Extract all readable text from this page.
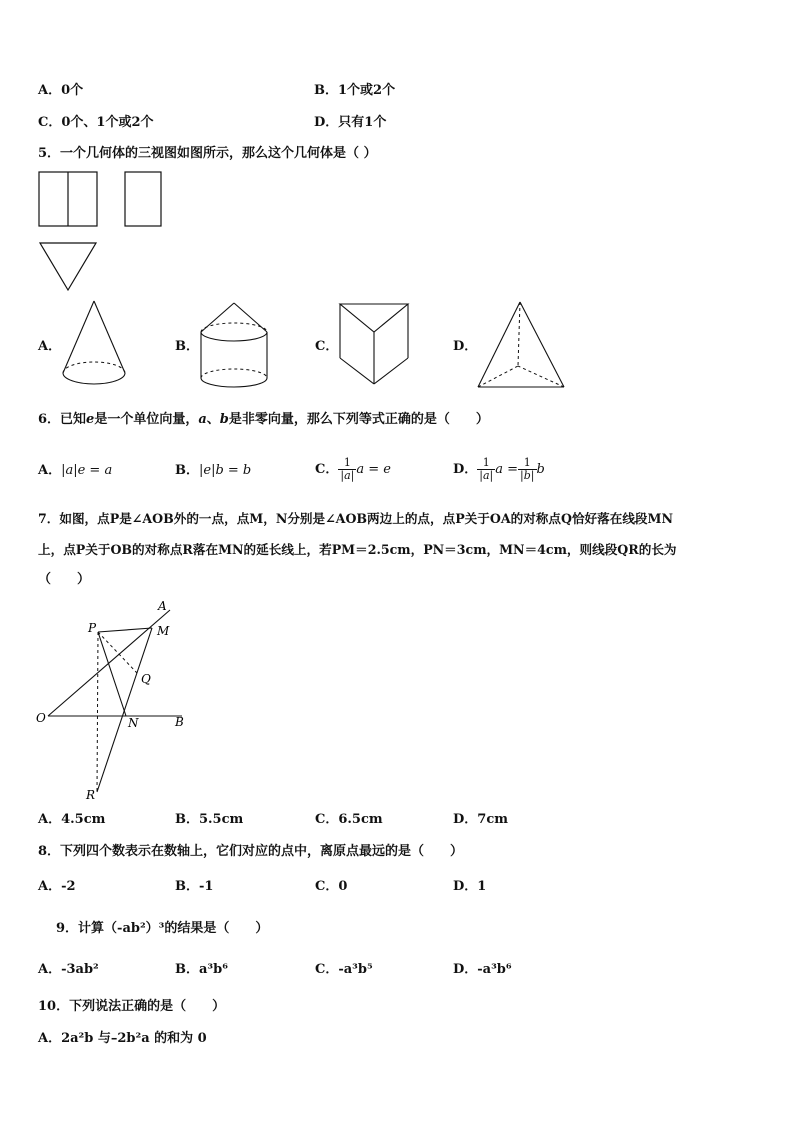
A．0个	B．1个或2个
C．0个、1个或2个	D．只有1个
5．一个几何体的三视图如图所示，那么这个几何体是（ ）
A．	B．	C．	D．
6．已知e是一个单位向量，a、b是非零向量，那么下列等式正确的是（　　）
A．|a|e = a	B．|e|b = b	C． $\frac{1}{|a|}$ a = e	D． $\frac{1}{|a|}$ $a = \frac{1}{|b|}$ b
7．如图，点P是∠AOB外的一点，点M，N分别是∠AOB两边上的点，点P关于OA的对称点Q恰好落在线段MN
上，点P关于OB的对称点R落在MN的延长线上，若PM＝2.5cm，PN＝3cm，MN＝4cm，则线段QR的长为
（　　）
A
P	M
Q
O	N	B
R
A．4.5cm	B．5.5cm	C．6.5cm	D．7cm
8．下列四个数表示在数轴上，它们对应的点中，离原点最远的是（　　）
A．-2	B．-1	C．0	D．1
9．计算（-ab²）³的结果是（　　）
A．-3ab²	B．a³b⁶	C．-a³b⁵	D．-a³b⁶
10．下列说法正确的是（　　）
A．2a²b 与–2b²a 的和为 0
